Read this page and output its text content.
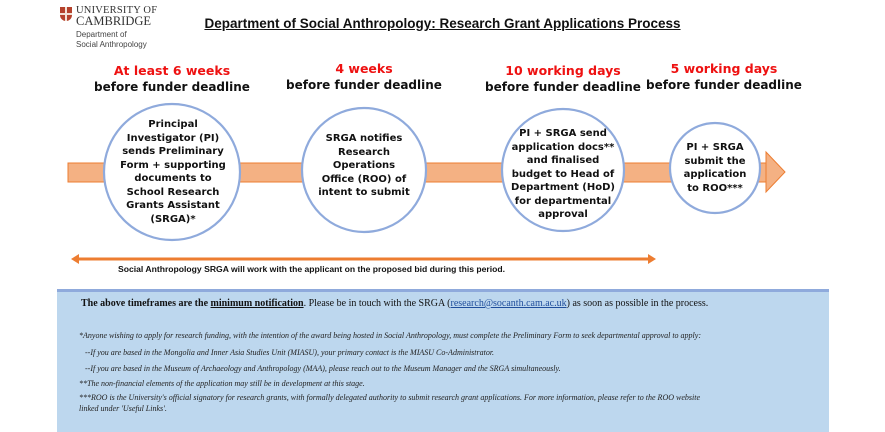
UNIVERSITY OF
CAMBRIDGE
Department of
Social Anthropology
Department of Social Anthropology: Research Grant Applications Process
At least 6 weeks
before funder deadline
4 weeks
before funder deadline
10 working days
before funder deadline
5 working days
before funder deadline
Principal Investigator (PI) sends Preliminary Form + supporting documents to School Research Grants Assistant (SRGA)*
SRGA notifies Research Operations Office (ROO) of intent to submit
PI + SRGA send application docs** and finalised budget to Head of Department (HoD) for departmental approval
PI + SRGA submit the application to ROO***
Social Anthropology SRGA will work with the applicant on the proposed bid during this period.
The above timeframes are the minimum notification. Please be in touch with the SRGA (research@socanth.cam.ac.uk) as soon as possible in the process.
*Anyone wishing to apply for research funding, with the intention of the award being hosted in Social Anthropology, must complete the Preliminary Form to seek departmental approval to apply:
--If you are based in the Mongolia and Inner Asia Studies Unit (MIASU), your primary contact is the MIASU Co-Administrator.
--If you are based in the Museum of Archaeology and Anthropology (MAA), please reach out to the Museum Manager and the SRGA simultaneously.
**The non-financial elements of the application may still be in development at this stage.
***ROO is the University's official signatory for research grants, with formally delegated authority to submit research grant applications. For more information, please refer to the ROO website
linked under 'Useful Links'.
